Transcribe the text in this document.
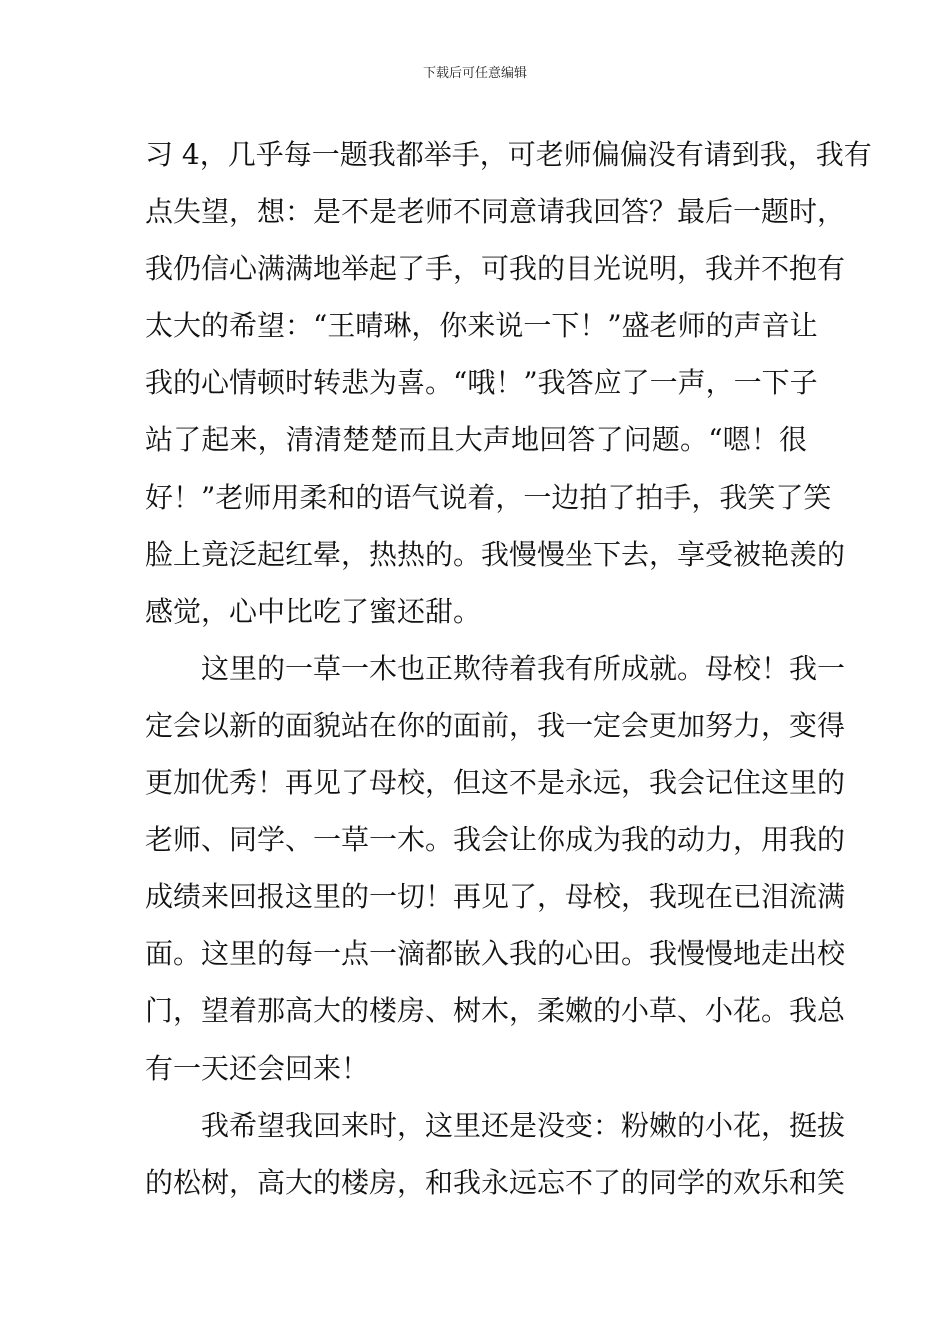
下载后可任意编辑
习 4，几乎每一题我都举手，可老师偏偏没有请到我，我有
点失望，想：是不是老师不同意请我回答？最后一题时，
我仍信心满满地举起了手，可我的目光说明，我并不抱有
太大的希望：“王晴琳，你来说一下！”盛老师的声音让
我的心情顿时转悲为喜。“哦！”我答应了一声，一下子
站了起来，清清楚楚而且大声地回答了问题。“嗯！很
好！”老师用柔和的语气说着，一边拍了拍手，我笑了笑
脸上竟泛起红晕，热热的。我慢慢坐下去，享受被艳羡的
感觉，心中比吃了蜜还甜。
这里的一草一木也正欺待着我有所成就。母校！我一
定会以新的面貌站在你的面前，我一定会更加努力，变得
更加优秀！再见了母校，但这不是永远，我会记住这里的
老师、同学、一草一木。我会让你成为我的动力，用我的
成绩来回报这里的一切！再见了，母校，我现在已泪流满
面。这里的每一点一滴都嵌入我的心田。我慢慢地走出校
门，望着那高大的楼房、树木，柔嫩的小草、小花。我总
有一天还会回来！
我希望我回来时，这里还是没变：粉嫩的小花，挺拔
的松树，高大的楼房，和我永远忘不了的同学的欢乐和笑
